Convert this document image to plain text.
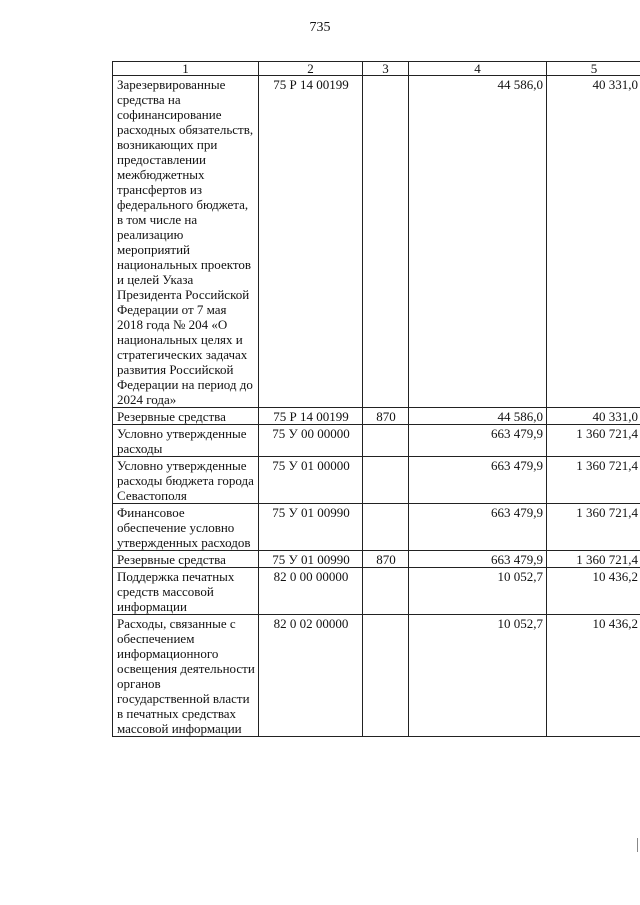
735
1	2	3	4	5
Зарезервированные средства на софинансирование расходных обязательств, возникающих при предоставлении межбюджетных трансфертов из федерального бюджета, в том числе на реализацию мероприятий национальных проектов и целей Указа Президента Российской Федерации от 7 мая 2018 года № 204 «О национальных целях и стратегических задачах развития Российской Федерации на период до 2024 года»	75 Р 14 00199		44 586,0	40 331,0
Резервные средства	75 Р 14 00199	870	44 586,0	40 331,0
Условно утвержденные расходы	75 У 00 00000		663 479,9	1 360 721,4
Условно утвержденные расходы бюджета города Севастополя	75 У 01 00000		663 479,9	1 360 721,4
Финансовое обеспечение условно утвержденных расходов	75 У 01 00990		663 479,9	1 360 721,4
Резервные средства	75 У 01 00990	870	663 479,9	1 360 721,4
Поддержка печатных средств массовой информации	82 0 00 00000		10 052,7	10 436,2
Расходы, связанные с обеспечением информационного освещения деятельности органов государственной власти в печатных средствах массовой информации	82 0 02 00000		10 052,7	10 436,2
